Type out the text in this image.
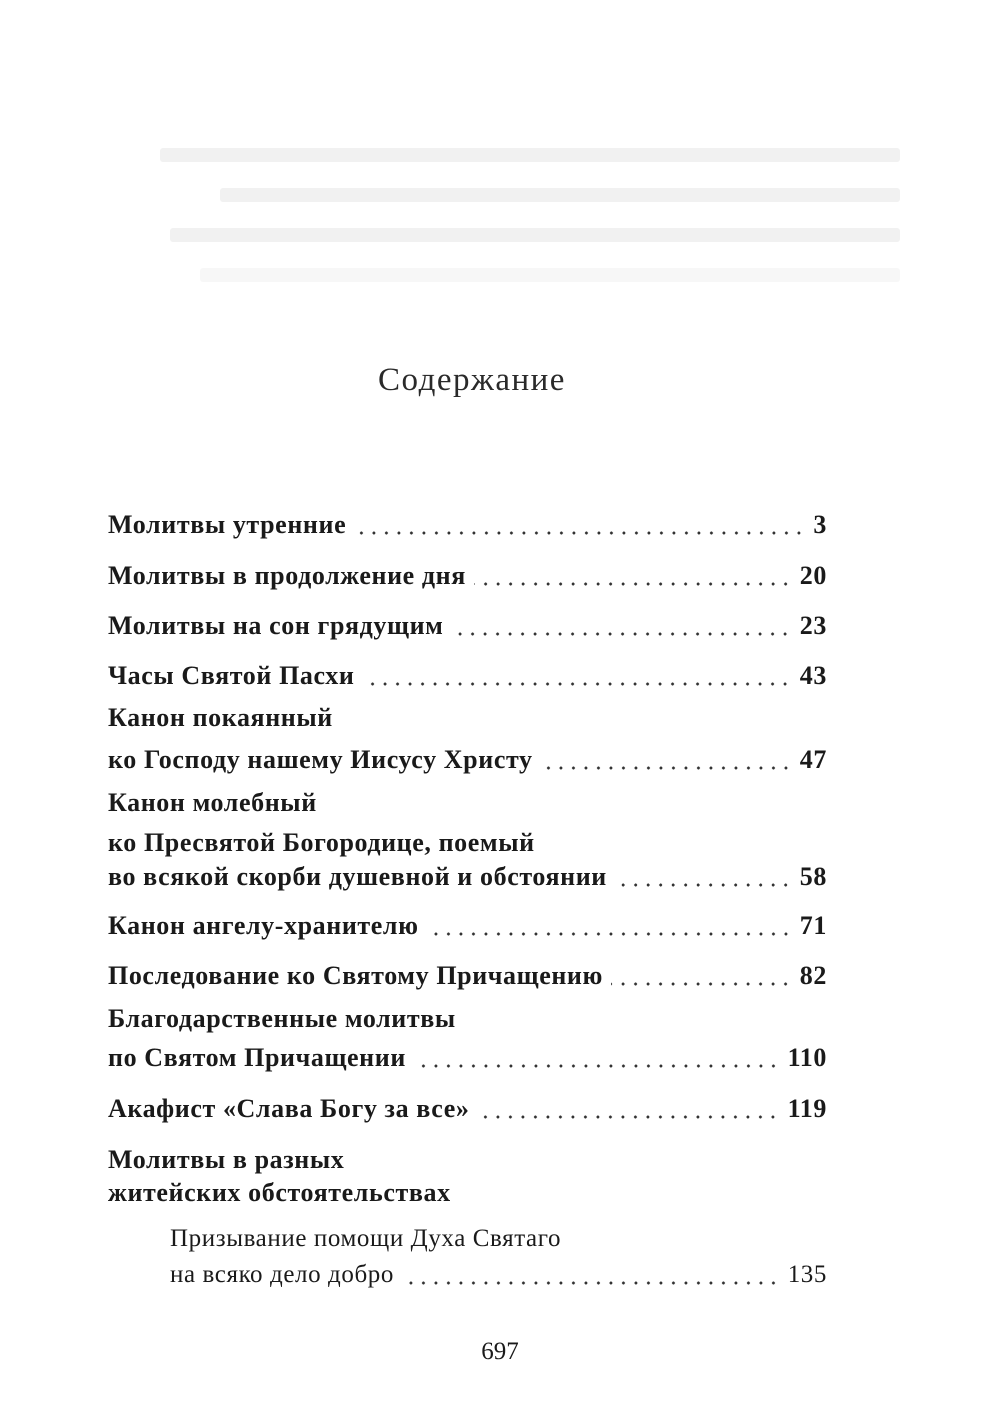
Содержание
Молитвы утренние	3
Молитвы в продолжение дня	20
Молитвы на сон грядущим	23
Часы Святой Пасхи	43
Канон покаянный
ко Господу нашему Иисусу Христу	47
Канон молебный
ко Пресвятой Богородице, поемый
во всякой скорби душевной и обстоянии	58
Канон ангелу-хранителю	71
Последование ко Святому Причащению	82
Благодарственные молитвы
по Святом Причащении	110
Акафист «Слава Богу за все»	119
Молитвы в разных
житейских обстоятельствах
Призывание помощи Духа Святаго
на всяко дело добро	135
697
